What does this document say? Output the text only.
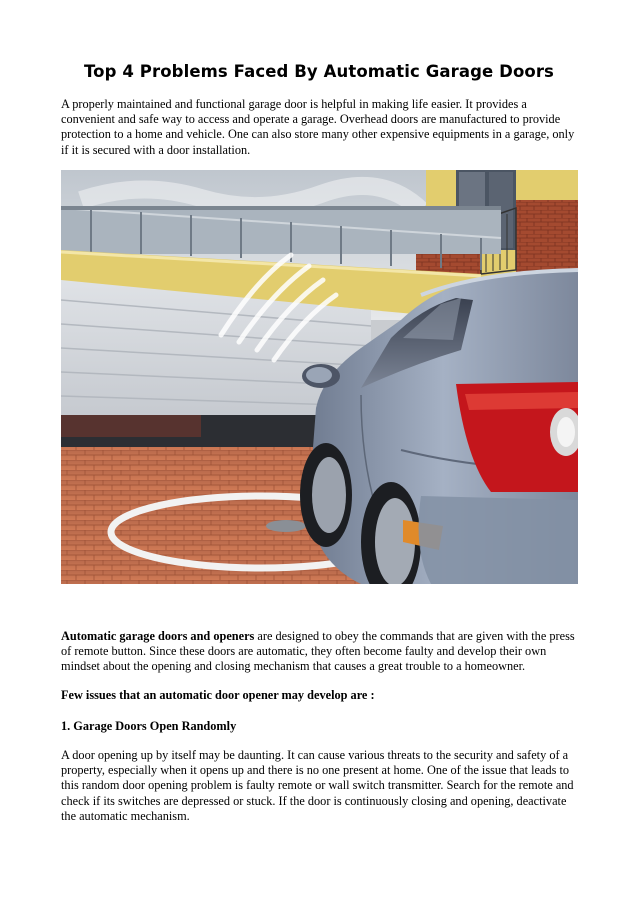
Top 4 Problems Faced By Automatic Garage Doors

A properly maintained and functional garage door is helpful in making life easier. It provides a convenient and safe way to access and operate a garage. Overhead doors are manufactured to provide protection to a home and vehicle. One can also store many other expensive equipments in a garage, only if it is secured with a door installation.

Automatic garage doors and openers are designed to obey the commands that are given with the press of remote button. Since these doors are automatic, they often become faulty and develop their own mindset about the opening and closing mechanism that causes a great trouble to a homeowner.

Few issues that an automatic door opener may develop are :

1. Garage Doors Open Randomly

A door opening up by itself may be daunting. It can cause various threats to the security and safety of a property, especially when it opens up and there is no one present at home. One of the issue that leads to this random door opening problem is faulty remote or wall switch transmitter. Search for the remote and check if its switches are depressed or stuck. If the door is continuously closing and opening, deactivate the automatic mechanism.
